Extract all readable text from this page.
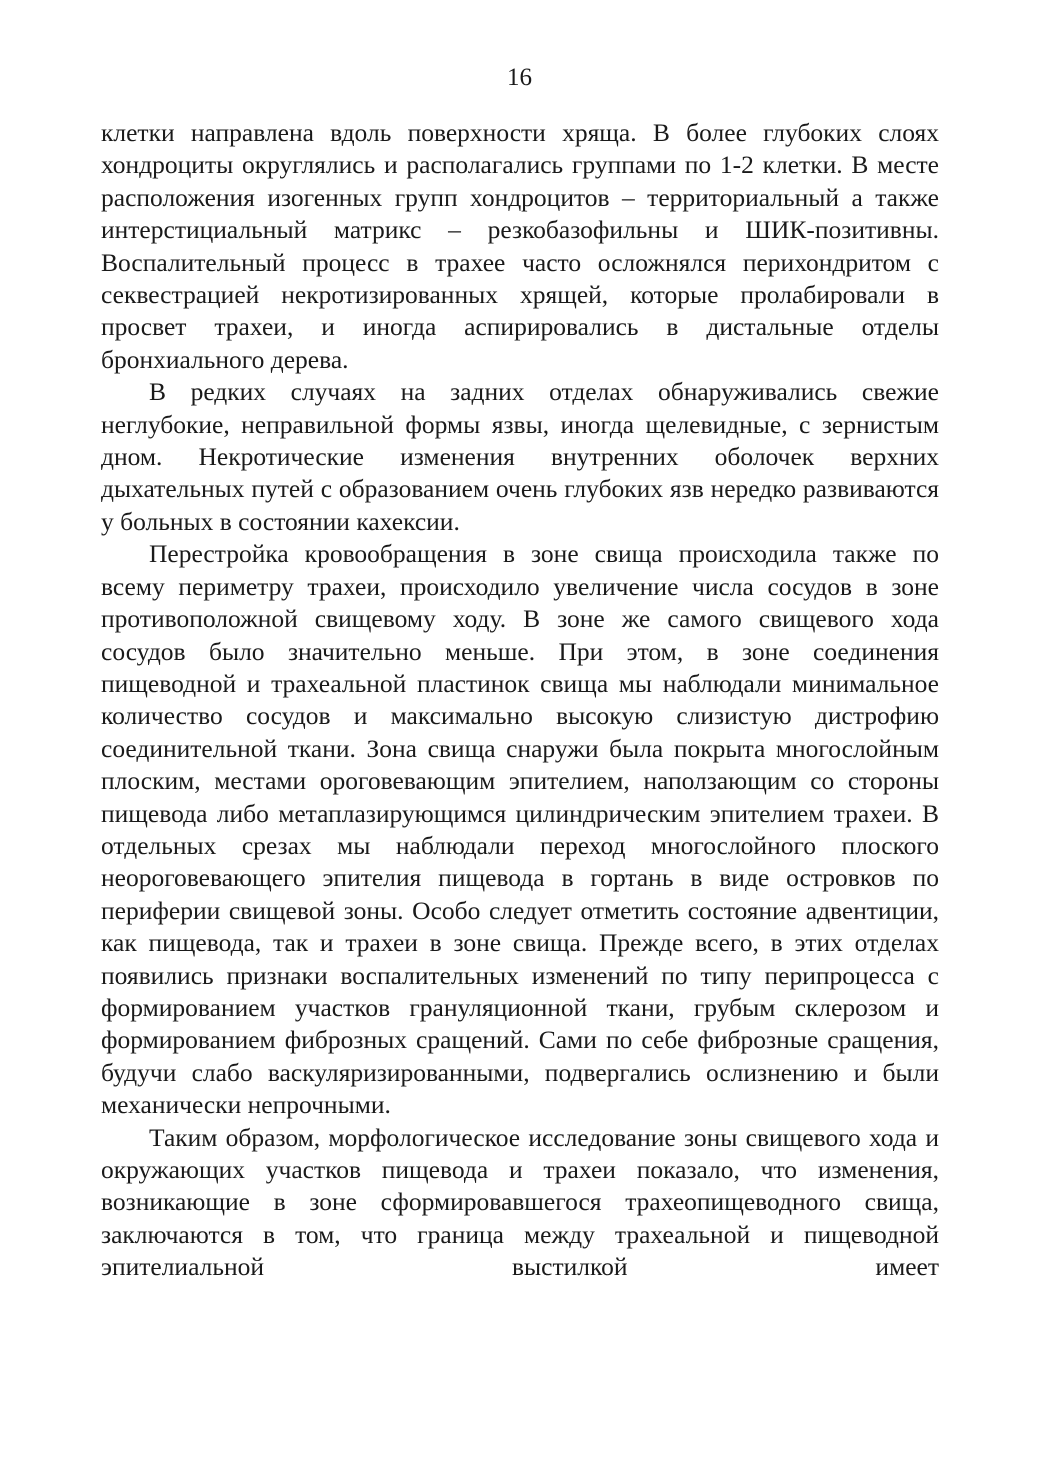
16

клетки направлена вдоль поверхности хряща. В более глубоких слоях хондроциты округлялись и располагались группами по 1-2 клетки. В месте расположения изогенных групп хондроцитов – территориальный а также интерстициальный матрикс – резкобазофильны и ШИК-позитивны. Воспалительный процесс в трахее часто осложнялся перихондритом с секвестрацией некротизированных хрящей, которые пролабировали в просвет трахеи, и иногда аспирировались в дистальные отделы бронхиального дерева.

В редких случаях на задних отделах обнаруживались свежие неглубокие, неправильной формы язвы, иногда щелевидные, с зернистым дном. Некротические изменения внутренних оболочек верхних дыхательных путей с образованием очень глубоких язв нередко развиваются у больных в состоянии кахексии.

Перестройка кровообращения в зоне свища происходила также по всему периметру трахеи, происходило увеличение числа сосудов в зоне противоположной свищевому ходу. В зоне же самого свищевого хода сосудов было значительно меньше. При этом, в зоне соединения пищеводной и трахеальной пластинок свища мы наблюдали минимальное количество сосудов и максимально высокую слизистую дистрофию соединительной ткани. Зона свища снаружи была покрыта многослойным плоским, местами ороговевающим эпителием, наползающим со стороны пищевода либо метаплазирующимся цилиндрическим эпителием трахеи. В отдельных срезах мы наблюдали переход многослойного плоского неороговевающего эпителия пищевода в гортань в виде островков по периферии свищевой зоны. Особо следует отметить состояние адвентиции, как пищевода, так и трахеи в зоне свища. Прежде всего, в этих отделах появились признаки воспалительных изменений по типу перипроцесса с формированием участков грануляционной ткани, грубым склерозом и формированием фиброзных сращений. Сами по себе фиброзные сращения, будучи слабо васкуляризированными, подвергались ослизнению и были механически непрочными.

Таким образом, морфологическое исследование зоны свищевого хода и окружающих участков пищевода и трахеи показало, что изменения, возникающие в зоне сформировавшегося трахеопищеводного свища, заключаются в том, что граница между трахеальной и пищеводной эпителиальной выстилкой имеет
